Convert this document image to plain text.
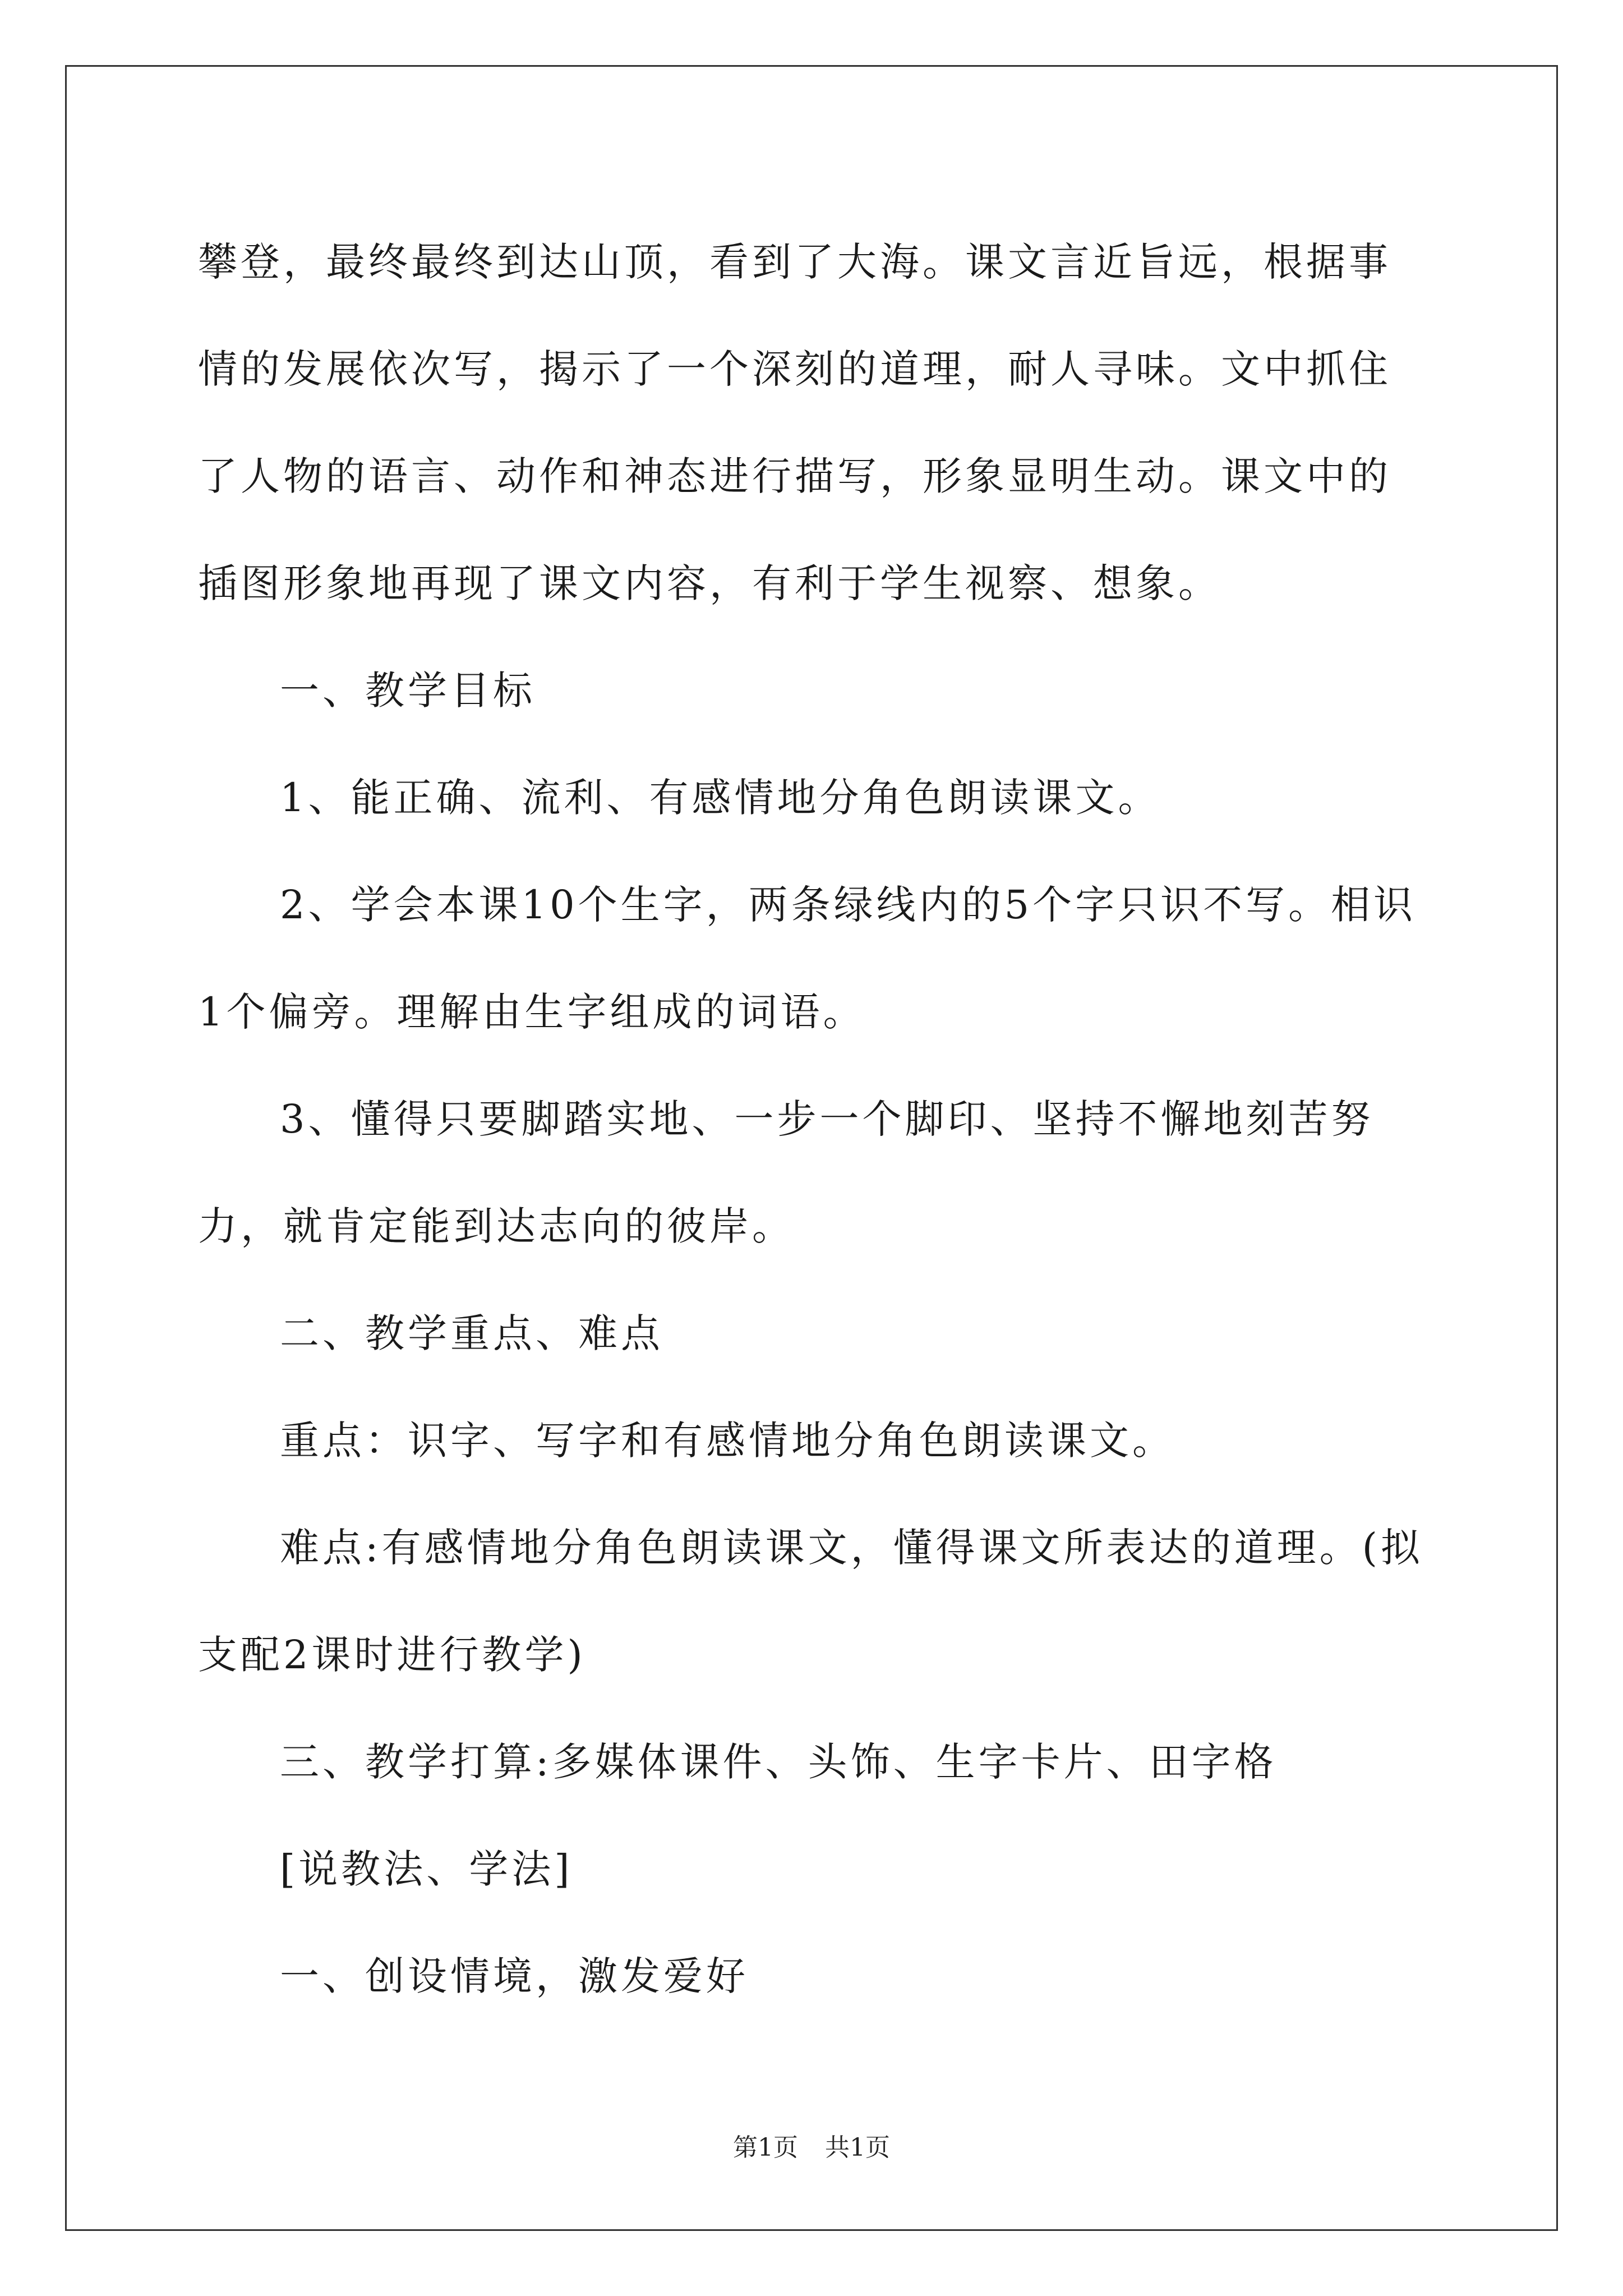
攀登，最终最终到达山顶，看到了大海。课文言近旨远，根据事情的发展依次写，揭示了一个深刻的道理，耐人寻味。文中抓住了人物的语言、动作和神态进行描写，形象显明生动。课文中的插图形象地再现了课文内容，有利于学生视察、想象。

一、教学目标

1、能正确、流利、有感情地分角色朗读课文。

2、学会本课10个生字，两条绿线内的5个字只识不写。相识1个偏旁。理解由生字组成的词语。

3、懂得只要脚踏实地、一步一个脚印、坚持不懈地刻苦努力，就肯定能到达志向的彼岸。

二、教学重点、难点

重点：识字、写字和有感情地分角色朗读课文。

难点:有感情地分角色朗读课文，懂得课文所表达的道理。(拟支配2课时进行教学)

三、教学打算:多媒体课件、头饰、生字卡片、田字格

[说教法、学法]

一、创设情境，激发爱好

第1页 共1页
